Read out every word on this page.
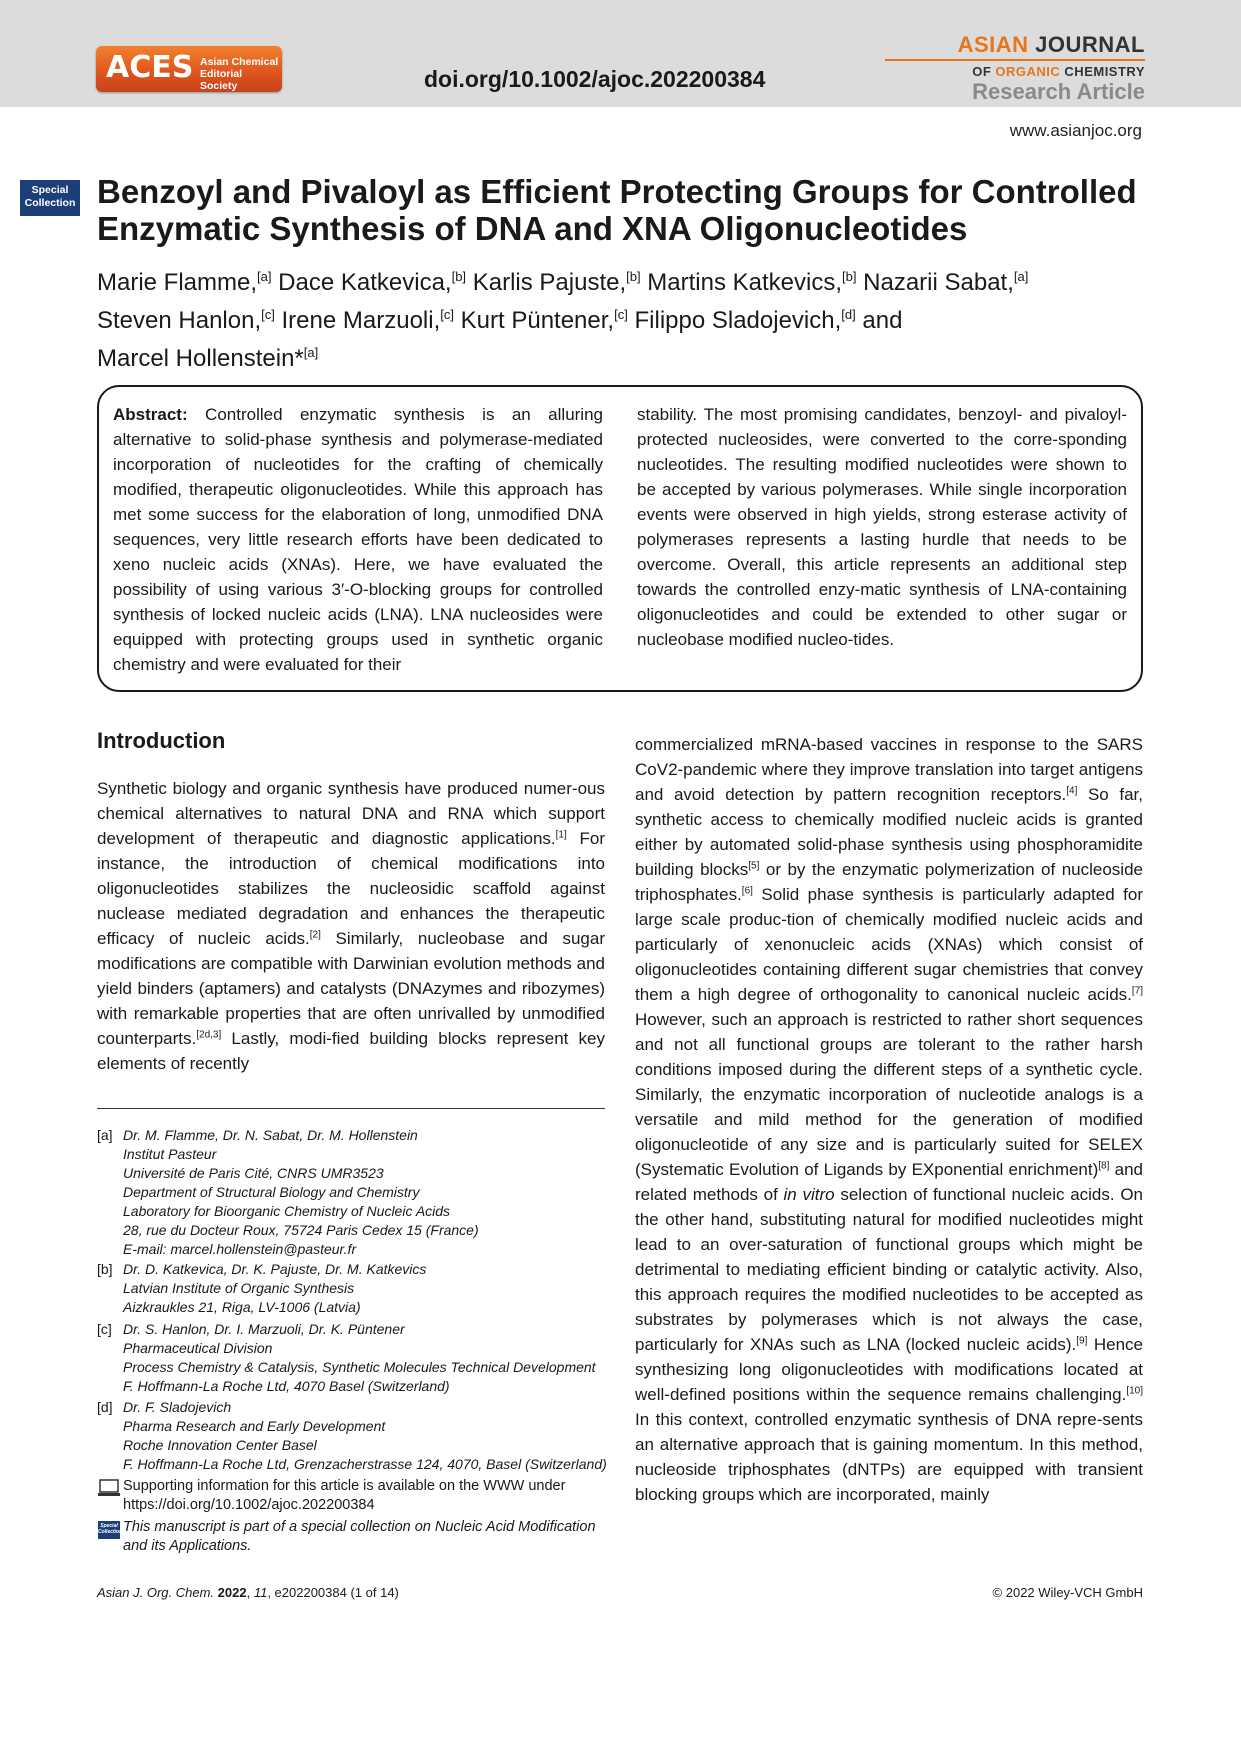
ACES Asian Chemical
Editorial Society	doi.org/10.1002/ajoc.202200384
ASIAN JOURNAL
OF ORGANIC CHEMISTRY
Research Article
www.asianjoc.org
Special
Collection Benzoyl and Pivaloyl as Efficient Protecting Groups for Controlled
Enzymatic Synthesis of DNA and XNA Oligonucleotides
Marie Flamme,[a] Dace Katkevica,[b] Karlis Pajuste,[b] Martins Katkevics,[b] Nazarii Sabat,[a]
Steven Hanlon,[c] Irene Marzuoli,[c] Kurt Püntener,[c] Filippo Sladojevich,[d] and
Marcel Hollenstein*[a]
Abstract: Controlled enzymatic synthesis is an alluring alternative to solid-phase synthesis and polymerase-mediated incorporation of nucleotides for the crafting of chemically modified, therapeutic oligonucleotides. While this approach has met some success for the elaboration of long, unmodified DNA sequences, very little research efforts have been dedicated to xeno nucleic acids (XNAs). Here, we have evaluated the possibility of using various 3′-O-blocking groups for controlled synthesis of locked nucleic acids (LNA). LNA nucleosides were equipped with protecting groups used in synthetic organic chemistry and were evaluated for their
stability. The most promising candidates, benzoyl- and pivaloyl-protected nucleosides, were converted to the corre-sponding nucleotides. The resulting modified nucleotides were shown to be accepted by various polymerases. While single incorporation events were observed in high yields, strong esterase activity of polymerases represents a lasting hurdle that needs to be overcome. Overall, this article represents an additional step towards the controlled enzy-matic synthesis of LNA-containing oligonucleotides and could be extended to other sugar or nucleobase modified nucleo-tides.
Introduction
Synthetic biology and organic synthesis have produced numer-ous chemical alternatives to natural DNA and RNA which support development of therapeutic and diagnostic applications.[1] For instance, the introduction of chemical modifications into oligonucleotides stabilizes the nucleosidic scaffold against nuclease mediated degradation and enhances the therapeutic efficacy of nucleic acids.[2] Similarly, nucleobase and sugar modifications are compatible with Darwinian evolution methods and yield binders (aptamers) and catalysts (DNAzymes and ribozymes) with remarkable properties that are often unrivalled by unmodified counterparts.[2d,3] Lastly, modi-fied building blocks represent key elements of recently
commercialized mRNA-based vaccines in response to the SARS CoV2-pandemic where they improve translation into target antigens and avoid detection by pattern recognition receptors.[4] So far, synthetic access to chemically modified nucleic acids is granted either by automated solid-phase synthesis using phosphoramidite building blocks[5] or by the enzymatic polymerization of nucleoside triphosphates.[6] Solid phase synthesis is particularly adapted for large scale produc-tion of chemically modified nucleic acids and particularly of xenonucleic acids (XNAs) which consist of oligonucleotides containing different sugar chemistries that convey them a high degree of orthogonality to canonical nucleic acids.[7] However, such an approach is restricted to rather short sequences and not all functional groups are tolerant to the rather harsh conditions imposed during the different steps of a synthetic cycle. Similarly, the enzymatic incorporation of nucleotide analogs is a versatile and mild method for the generation of modified oligonucleotide of any size and is particularly suited for SELEX (Systematic Evolution of Ligands by EXponential enrichment)[8] and related methods of in vitro selection of functional nucleic acids. On the other hand, substituting natural for modified nucleotides might lead to an over-saturation of functional groups which might be detrimental to mediating efficient binding or catalytic activity. Also, this approach requires the modified nucleotides to be accepted as substrates by polymerases which is not always the case, particularly for XNAs such as LNA (locked nucleic acids).[9] Hence synthesizing long oligonucleotides with modifications located at well-defined positions within the sequence remains challenging.[10] In this context, controlled enzymatic synthesis of DNA repre-sents an alternative approach that is gaining momentum. In this method, nucleoside triphosphates (dNTPs) are equipped with transient blocking groups which are incorporated, mainly
[a] Dr. M. Flamme, Dr. N. Sabat, Dr. M. Hollenstein
Institut Pasteur
Université de Paris Cité, CNRS UMR3523
Department of Structural Biology and Chemistry
Laboratory for Bioorganic Chemistry of Nucleic Acids
28, rue du Docteur Roux, 75724 Paris Cedex 15 (France)
E-mail: marcel.hollenstein@pasteur.fr
[b] Dr. D. Katkevica, Dr. K. Pajuste, Dr. M. Katkevics
Latvian Institute of Organic Synthesis
Aizkraukles 21, Riga, LV-1006 (Latvia)
[c] Dr. S. Hanlon, Dr. I. Marzuoli, Dr. K. Püntener
Pharmaceutical Division
Process Chemistry & Catalysis, Synthetic Molecules Technical Development
F. Hoffmann-La Roche Ltd, 4070 Basel (Switzerland)
[d] Dr. F. Sladojevich
Pharma Research and Early Development
Roche Innovation Center Basel
F. Hoffmann-La Roche Ltd, Grenzacherstrasse 124, 4070, Basel (Switzerland)
Supporting information for this article is available on the WWW under https://doi.org/10.1002/ajoc.202200384
Special
Collection This manuscript is part of a special collection on Nucleic Acid Modification and its Applications.
Asian J. Org. Chem. 2022, 11, e202200384 (1 of 14)	© 2022 Wiley-VCH GmbH
